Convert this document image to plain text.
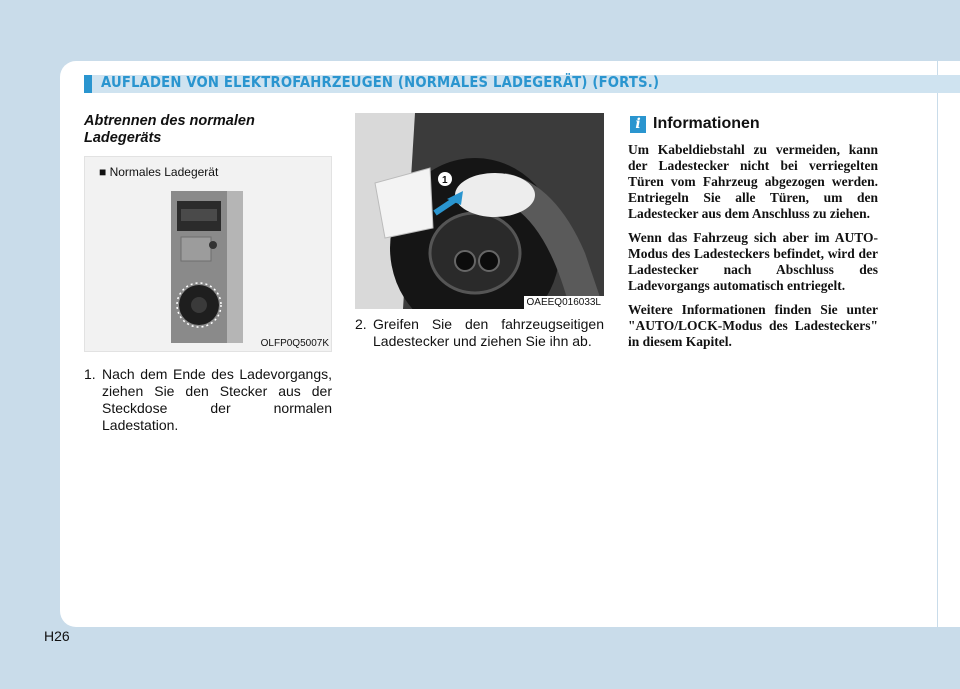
AUFLADEN VON ELEKTROFAHRZEUGEN (NORMALES LADEGERÄT) (FORTS.)
Abtrennen des normalen Ladegeräts
■ Normales Ladegerät
OLFP0Q5007K
1. Nach dem Ende des Ladevorgangs, ziehen Sie den Stecker aus der Steckdose der normalen Ladestation.
1
OAEEQ016033L
2. Greifen Sie den fahrzeugseitigen Ladestecker und ziehen Sie ihn ab.
i Informationen

Um Kabeldiebstahl zu vermeiden, kann der Ladestecker nicht bei verriegelten Türen vom Fahrzeug abgezogen werden. Entriegeln Sie alle Türen, um den Ladestecker aus dem Anschluss zu ziehen.

Wenn das Fahrzeug sich aber im AUTO-Modus des Ladesteckers befindet, wird der Ladestecker nach Abschluss des Ladevorgangs automatisch entriegelt.

Weitere Informationen finden Sie unter "AUTO/LOCK-Modus des Ladesteckers" in diesem Kapitel.

H26
